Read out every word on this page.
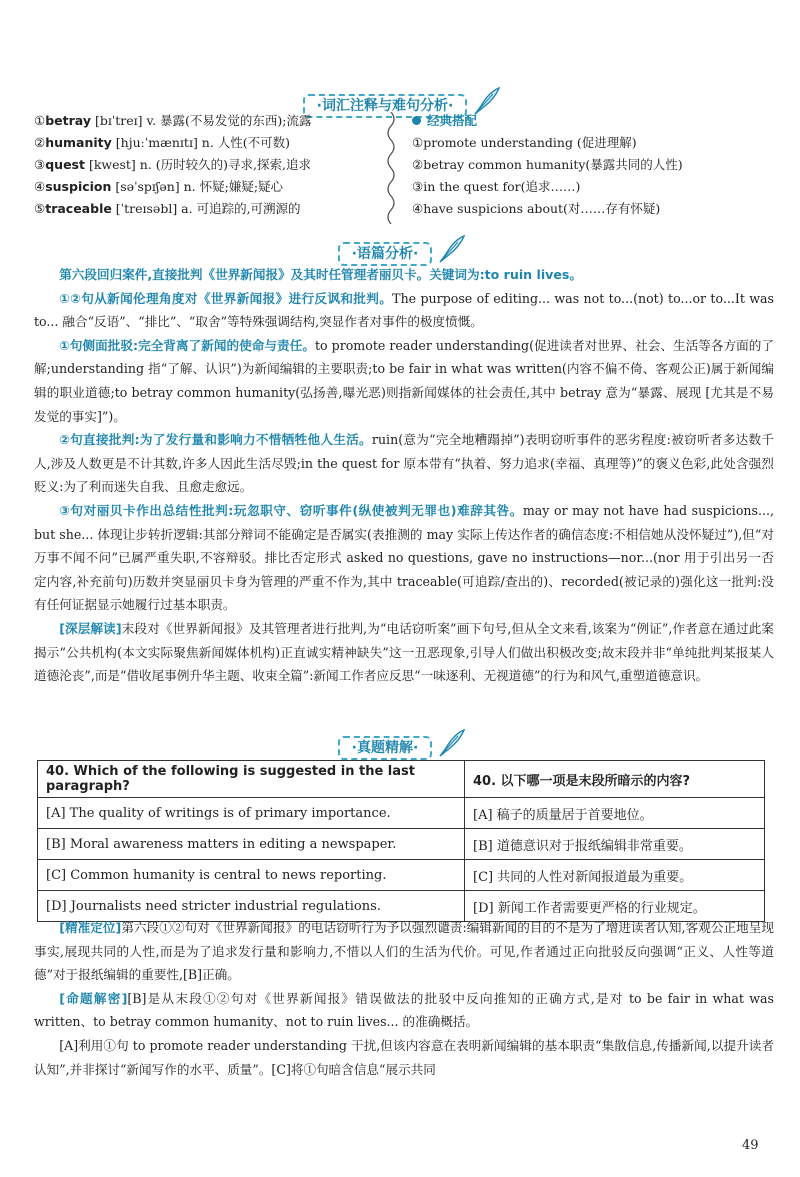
·词汇注释与难句分析·
①betray [bɪˈtreɪ] v. 暴露(不易发觉的东西);流露
②humanity [hjuːˈmænɪtɪ] n. 人性(不可数)
③quest [kwest] n. (历时较久的)寻求,探索,追求
④suspicion [səˈspɪʃən] n. 怀疑;嫌疑;疑心
⑤traceable [ˈtreɪsəbl] a. 可追踪的,可溯源的
经典搭配
①promote understanding (促进理解)
②betray common humanity(暴露共同的人性)
③in the quest for(追求……)
④have suspicions about(对……存有怀疑)
·语篇分析·

第六段回归案件,直接批判《世界新闻报》及其时任管理者丽贝卡。关键词为:to ruin lives。

①②句从新闻伦理角度对《世界新闻报》进行反讽和批判。The purpose of editing... was not to...(not) to...or to...It was to... 融合“反语”、“排比”、“取舍”等特殊强调结构,突显作者对事件的极度愤慨。

①句侧面批驳:完全背离了新闻的使命与责任。to promote reader understanding(促进读者对世界、社会、生活等各方面的了解;understanding 指“了解、认识”)为新闻编辑的主要职责;to be fair in what was written(内容不偏不倚、客观公正)属于新闻编辑的职业道德;to betray common humanity(弘扬善,曝光恶)则指新闻媒体的社会责任,其中 betray 意为“暴露、展现 [尤其是不易发觉的事实]”)。

②句直接批判:为了发行量和影响力不惜牺牲他人生活。ruin(意为“完全地糟蹋掉”)表明窃听事件的恶劣程度:被窃听者多达数千人,涉及人数更是不计其数,许多人因此生活尽毁;in the quest for 原本带有“执着、努力追求(幸福、真理等)”的褒义色彩,此处含强烈贬义:为了利而迷失自我、且愈走愈远。

③句对丽贝卡作出总结性批判:玩忽职守、窃听事件(纵使被判无罪也)难辞其咎。may or may not have had suspicions..., but she... 体现让步转折逻辑:其部分辩词不能确定是否属实(表推测的 may 实际上传达作者的确信态度:不相信她从没怀疑过”),但“对万事不闻不问”已属严重失职,不容辩驳。排比否定形式 asked no questions, gave no instructions—nor...(nor 用于引出另一否定内容,补充前句)历数并突显丽贝卡身为管理的严重不作为,其中 traceable(可追踪/查出的)、recorded(被记录的)强化这一批判:没有任何证据显示她履行过基本职责。

[深层解读]末段对《世界新闻报》及其管理者进行批判,为“电话窃听案”画下句号,但从全文来看,该案为“例证”,作者意在通过此案揭示“公共机构(本文实际聚焦新闻媒体机构)正直诚实精神缺失”这一丑恶现象,引导人们做出积极改变;故末段并非“单纯批判某报某人道德沦丧”,而是“借收尾事例升华主题、收束全篇”:新闻工作者应反思“一味逐利、无视道德”的行为和风气,重塑道德意识。

·真题精解·
40. Which of the following is suggested in the last paragraph?	40. 以下哪一项是末段所暗示的内容?
[A] The quality of writings is of primary importance.	[A] 稿子的质量居于首要地位。
[B] Moral awareness matters in editing a newspaper.	[B] 道德意识对于报纸编辑非常重要。
[C] Common humanity is central to news reporting.	[C] 共同的人性对新闻报道最为重要。
[D] Journalists need stricter industrial regulations.	[D] 新闻工作者需要更严格的行业规定。

[精准定位]第六段①②句对《世界新闻报》的电话窃听行为予以强烈谴责:编辑新闻的目的不是为了增进读者认知,客观公正地呈现事实,展现共同的人性,而是为了追求发行量和影响力,不惜以人们的生活为代价。可见,作者通过正向批驳反向强调“正义、人性等道德”对于报纸编辑的重要性,[B]正确。

[命题解密][B]是从末段①②句对《世界新闻报》错误做法的批驳中反向推知的正确方式,是对 to be fair in what was written、to betray common humanity、not to ruin lives... 的准确概括。

[A]利用①句 to promote reader understanding 干扰,但该内容意在表明新闻编辑的基本职责“集散信息,传播新闻,以提升读者认知”,并非探讨“新闻写作的水平、质量”。[C]将①句暗含信息“展示共同

49
